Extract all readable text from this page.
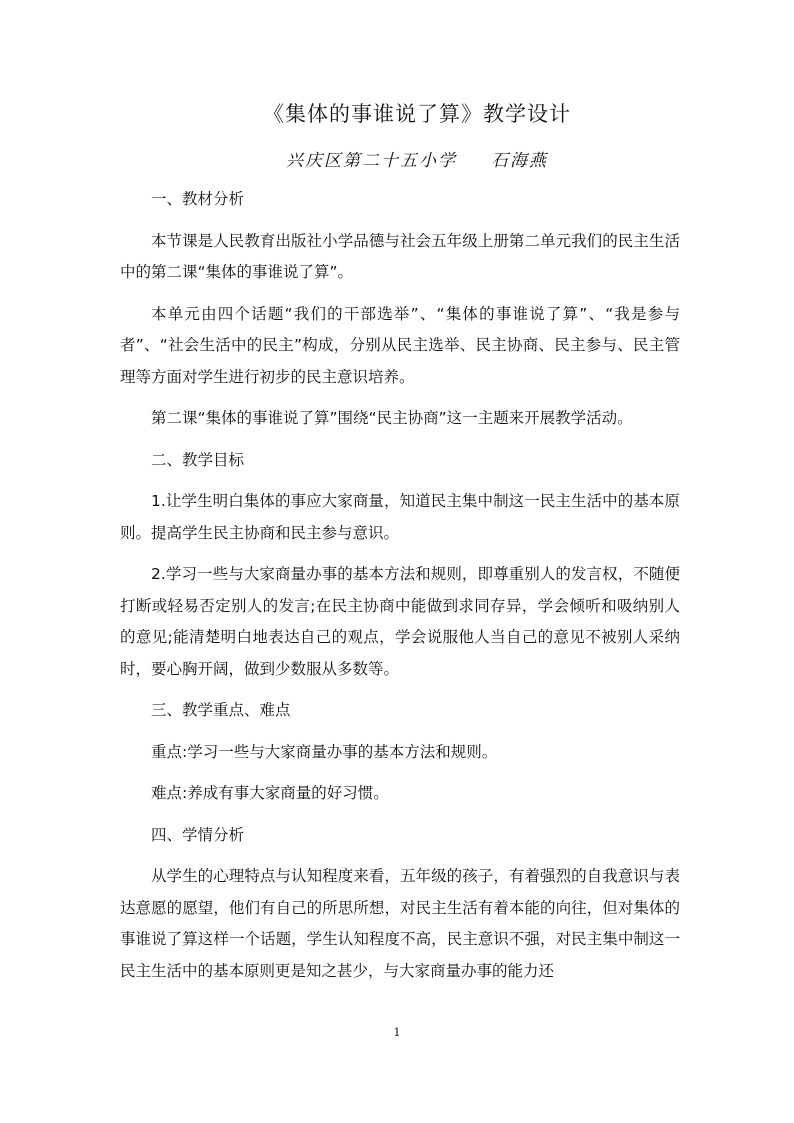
《集体的事谁说了算》教学设计
兴庆区第二十五小学 石海燕
一、教材分析
本节课是人民教育出版社小学品德与社会五年级上册第二单元我们的民主生活中的第二课“集体的事谁说了算”。
本单元由四个话题“我们的干部选举”、“集体的事谁说了算”、“我是参与者”、“社会生活中的民主”构成，分别从民主选举、民主协商、民主参与、民主管理等方面对学生进行初步的民主意识培养。
第二课“集体的事谁说了算”围绕“民主协商”这一主题来开展教学活动。
二、教学目标
1.让学生明白集体的事应大家商量，知道民主集中制这一民主生活中的基本原则。提高学生民主协商和民主参与意识。
2.学习一些与大家商量办事的基本方法和规则，即尊重别人的发言权，不随便打断或轻易否定别人的发言;在民主协商中能做到求同存异，学会倾听和吸纳别人的意见;能清楚明白地表达自己的观点，学会说服他人当自己的意见不被别人采纳时，要心胸开阔，做到少数服从多数等。
三、教学重点、难点
重点:学习一些与大家商量办事的基本方法和规则。
难点:养成有事大家商量的好习惯。
四、学情分析
从学生的心理特点与认知程度来看，五年级的孩子，有着强烈的自我意识与表达意愿的愿望，他们有自己的所思所想，对民主生活有着本能的向往，但对集体的事谁说了算这样一个话题，学生认知程度不高，民主意识不强，对民主集中制这一民主生活中的基本原则更是知之甚少，与大家商量办事的能力还
1
